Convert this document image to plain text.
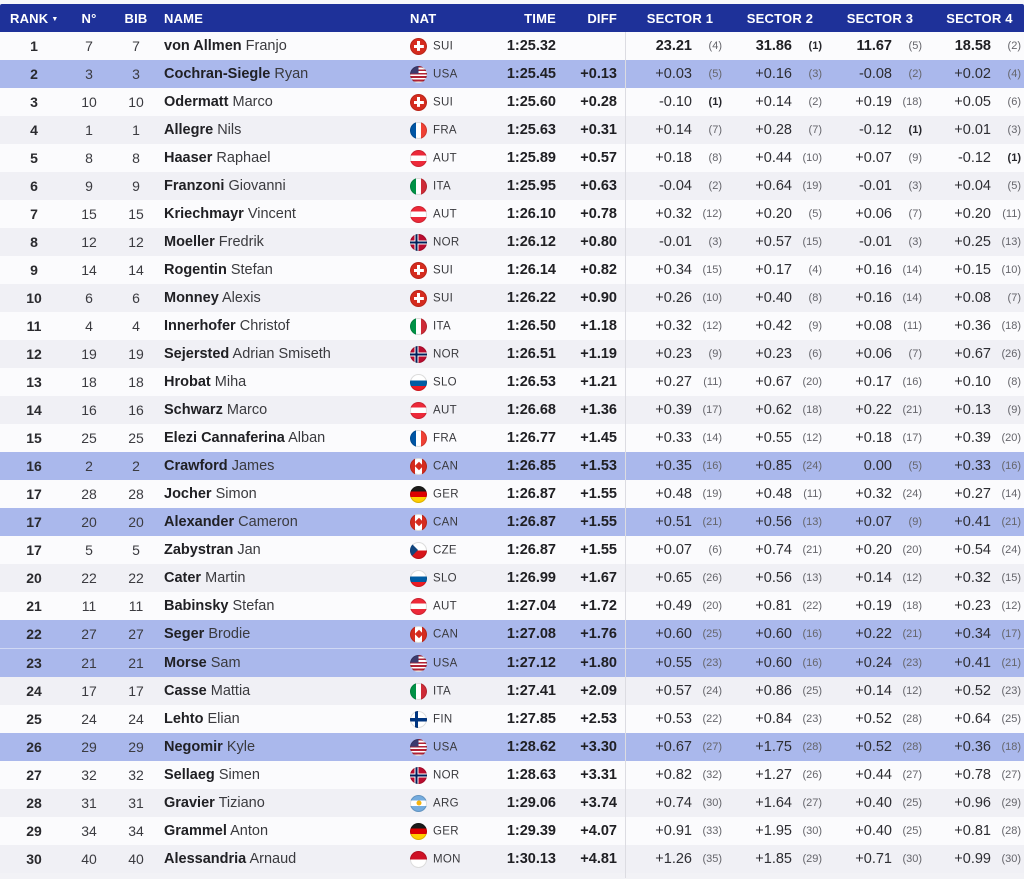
RANK ▼	N°	BIB	NAME	NAT	TIME	DIFF	SECTOR 1	SECTOR 2	SECTOR 3	SECTOR 4
1	7	7	von Allmen Franjo	SUI	1:25.32		23.21 (4)	31.86 (1)	11.67 (5)	18.58 (2)

2	3	3	Cochran-Siegle Ryan	USA	1:25.45	+0.13	+0.03 (5)	+0.16 (3)	-0.08 (2)	+0.02 (4)

3	10	10	Odermatt Marco	SUI	1:25.60	+0.28	-0.10 (1)	+0.14 (2)	+0.19 (18)	+0.05 (6)

4	1	1	Allegre Nils	FRA	1:25.63	+0.31	+0.14 (7)	+0.28 (7)	-0.12 (1)	+0.01 (3)

5	8	8	Haaser Raphael	AUT	1:25.89	+0.57	+0.18 (8)	+0.44 (10)	+0.07 (9)	-0.12 (1)

6	9	9	Franzoni Giovanni	ITA	1:25.95	+0.63	-0.04 (2)	+0.64 (19)	-0.01 (3)	+0.04 (5)

7	15	15	Kriechmayr Vincent	AUT	1:26.10	+0.78	+0.32 (12)	+0.20 (5)	+0.06 (7)	+0.20 (11)

8	12	12	Moeller Fredrik	NOR	1:26.12	+0.80	-0.01 (3)	+0.57 (15)	-0.01 (3)	+0.25 (13)

9	14	14	Rogentin Stefan	SUI	1:26.14	+0.82	+0.34 (15)	+0.17 (4)	+0.16 (14)	+0.15 (10)

10	6	6	Monney Alexis	SUI	1:26.22	+0.90	+0.26 (10)	+0.40 (8)	+0.16 (14)	+0.08 (7)

11	4	4	Innerhofer Christof	ITA	1:26.50	+1.18	+0.32 (12)	+0.42 (9)	+0.08 (11)	+0.36 (18)

12	19	19	Sejersted Adrian Smiseth	NOR	1:26.51	+1.19	+0.23 (9)	+0.23 (6)	+0.06 (7)	+0.67 (26)

13	18	18	Hrobat Miha	SLO	1:26.53	+1.21	+0.27 (11)	+0.67 (20)	+0.17 (16)	+0.10 (8)

14	16	16	Schwarz Marco	AUT	1:26.68	+1.36	+0.39 (17)	+0.62 (18)	+0.22 (21)	+0.13 (9)

15	25	25	Elezi Cannaferina Alban	FRA	1:26.77	+1.45	+0.33 (14)	+0.55 (12)	+0.18 (17)	+0.39 (20)

16	2	2	Crawford James	CAN	1:26.85	+1.53	+0.35 (16)	+0.85 (24)	0.00 (5)	+0.33 (16)

17	28	28	Jocher Simon	GER	1:26.87	+1.55	+0.48 (19)	+0.48 (11)	+0.32 (24)	+0.27 (14)

17	20	20	Alexander Cameron	CAN	1:26.87	+1.55	+0.51 (21)	+0.56 (13)	+0.07 (9)	+0.41 (21)

17	5	5	Zabystran Jan	CZE	1:26.87	+1.55	+0.07 (6)	+0.74 (21)	+0.20 (20)	+0.54 (24)

20	22	22	Cater Martin	SLO	1:26.99	+1.67	+0.65 (26)	+0.56 (13)	+0.14 (12)	+0.32 (15)

21	11	11	Babinsky Stefan	AUT	1:27.04	+1.72	+0.49 (20)	+0.81 (22)	+0.19 (18)	+0.23 (12)

22	27	27	Seger Brodie	CAN	1:27.08	+1.76	+0.60 (25)	+0.60 (16)	+0.22 (21)	+0.34 (17)

23	21	21	Morse Sam	USA	1:27.12	+1.80	+0.55 (23)	+0.60 (16)	+0.24 (23)	+0.41 (21)

24	17	17	Casse Mattia	ITA	1:27.41	+2.09	+0.57 (24)	+0.86 (25)	+0.14 (12)	+0.52 (23)

25	24	24	Lehto Elian	FIN	1:27.85	+2.53	+0.53 (22)	+0.84 (23)	+0.52 (28)	+0.64 (25)

26	29	29	Negomir Kyle	USA	1:28.62	+3.30	+0.67 (27)	+1.75 (28)	+0.52 (28)	+0.36 (18)

27	32	32	Sellaeg Simen	NOR	1:28.63	+3.31	+0.82 (32)	+1.27 (26)	+0.44 (27)	+0.78 (27)

28	31	31	Gravier Tiziano	ARG	1:29.06	+3.74	+0.74 (30)	+1.64 (27)	+0.40 (25)	+0.96 (29)

29	34	34	Grammel Anton	GER	1:29.39	+4.07	+0.91 (33)	+1.95 (30)	+0.40 (25)	+0.81 (28)

30	40	40	Alessandria Arnaud	MON	1:30.13	+4.81	+1.26 (35)	+1.85 (29)	+0.71 (30)	+0.99 (30)
